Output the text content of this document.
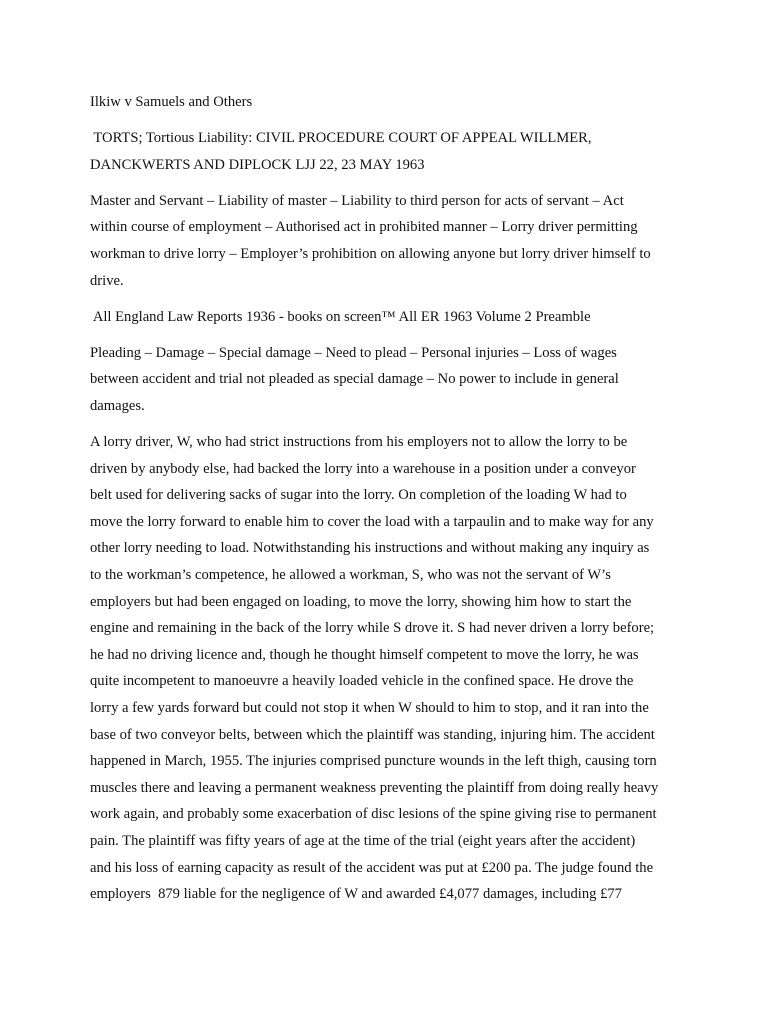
Ilkiw v Samuels and Others
TORTS; Tortious Liability: CIVIL PROCEDURE COURT OF APPEAL WILLMER,
DANCKWERTS AND DIPLOCK LJJ 22, 23 MAY 1963
Master and Servant – Liability of master – Liability to third person for acts of servant – Act
within course of employment – Authorised act in prohibited manner – Lorry driver permitting
workman to drive lorry – Employer’s prohibition on allowing anyone but lorry driver himself to
drive.
All England Law Reports 1936 - books on screen™ All ER 1963 Volume 2 Preamble
Pleading – Damage – Special damage – Need to plead – Personal injuries – Loss of wages
between accident and trial not pleaded as special damage – No power to include in general
damages.
A lorry driver, W, who had strict instructions from his employers not to allow the lorry to be
driven by anybody else, had backed the lorry into a warehouse in a position under a conveyor
belt used for delivering sacks of sugar into the lorry. On completion of the loading W had to
move the lorry forward to enable him to cover the load with a tarpaulin and to make way for any
other lorry needing to load. Notwithstanding his instructions and without making any inquiry as
to the workman’s competence, he allowed a workman, S, who was not the servant of W’s
employers but had been engaged on loading, to move the lorry, showing him how to start the
engine and remaining in the back of the lorry while S drove it. S had never driven a lorry before;
he had no driving licence and, though he thought himself competent to move the lorry, he was
quite incompetent to manoeuvre a heavily loaded vehicle in the confined space. He drove the
lorry a few yards forward but could not stop it when W should to him to stop, and it ran into the
base of two conveyor belts, between which the plaintiff was standing, injuring him. The accident
happened in March, 1955. The injuries comprised puncture wounds in the left thigh, causing torn
muscles there and leaving a permanent weakness preventing the plaintiff from doing really heavy
work again, and probably some exacerbation of disc lesions of the spine giving rise to permanent
pain. The plaintiff was fifty years of age at the time of the trial (eight years after the accident)
and his loss of earning capacity as result of the accident was put at £200 pa. The judge found the
employers  879 liable for the negligence of W and awarded £4,077 damages, including £77
